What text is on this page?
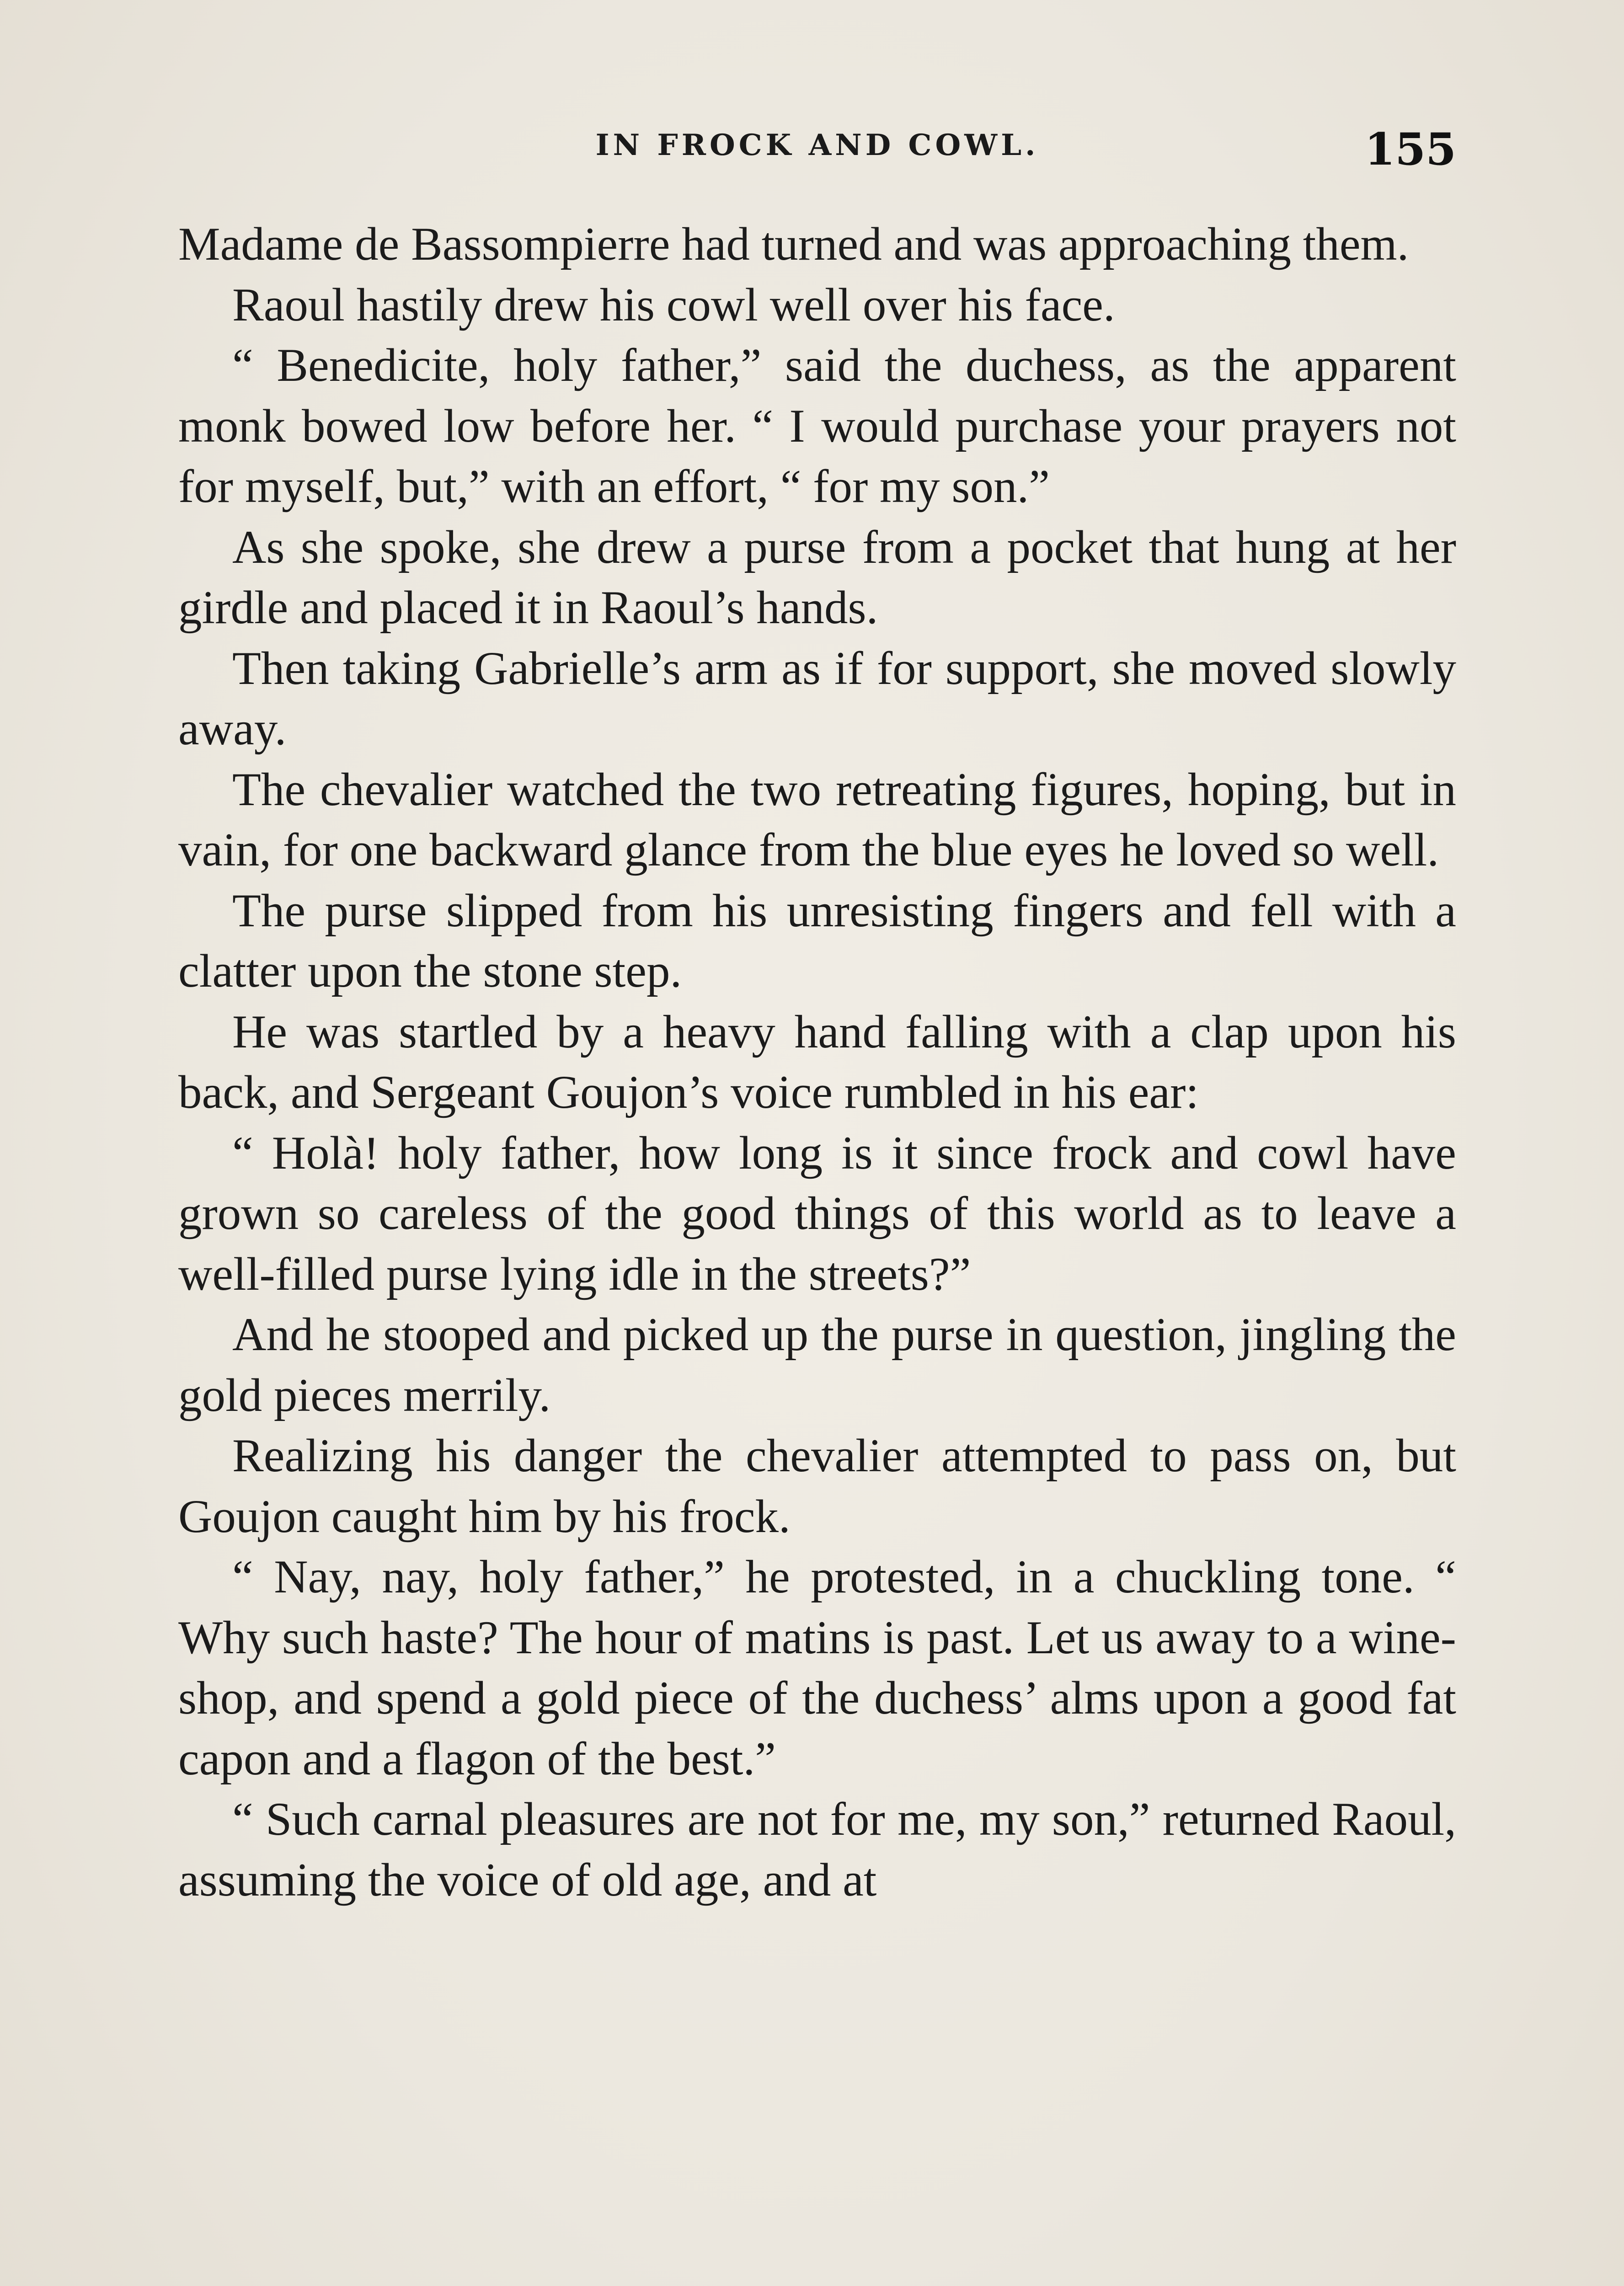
IN FROCK AND COWL.	155

Madame de Bassompierre had turned and was approaching them.

Raoul hastily drew his cowl well over his face.

“ Benedicite, holy father,” said the duchess, as the apparent monk bowed low before her. “ I would purchase your prayers not for myself, but,” with an effort, “ for my son.”

As she spoke, she drew a purse from a pocket that hung at her girdle and placed it in Raoul’s hands.

Then taking Gabrielle’s arm as if for support, she moved slowly away.

The chevalier watched the two retreating figures, hoping, but in vain, for one backward glance from the blue eyes he loved so well.

The purse slipped from his unresisting fingers and fell with a clatter upon the stone step.

He was startled by a heavy hand falling with a clap upon his back, and Sergeant Goujon’s voice rumbled in his ear:

“ Holà! holy father, how long is it since frock and cowl have grown so careless of the good things of this world as to leave a well-filled purse lying idle in the streets?”

And he stooped and picked up the purse in question, jingling the gold pieces merrily.

Realizing his danger the chevalier attempted to pass on, but Goujon caught him by his frock.

“ Nay, nay, holy father,” he protested, in a chuckling tone. “ Why such haste? The hour of matins is past. Let us away to a wine-shop, and spend a gold piece of the duchess’ alms upon a good fat capon and a flagon of the best.”

“ Such carnal pleasures are not for me, my son,” returned Raoul, assuming the voice of old age, and at
